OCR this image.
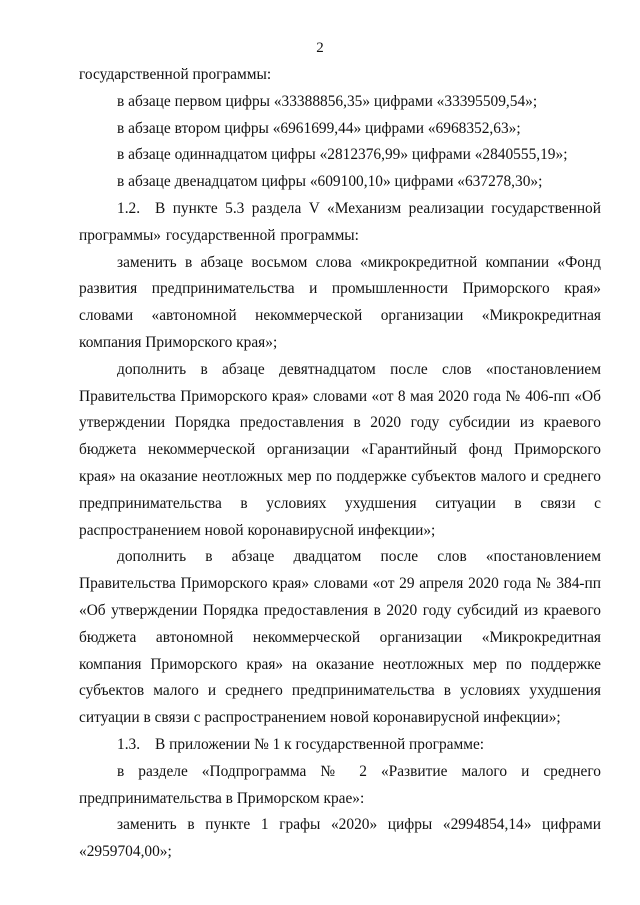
2

государственной программы:

в абзаце первом цифры «33388856,35» цифрами «33395509,54»;

в абзаце втором цифры «6961699,44» цифрами «6968352,63»;

в абзаце одиннадцатом цифры «2812376,99» цифрами «2840555,19»;

в абзаце двенадцатом цифры «609100,10» цифрами «637278,30»;

1.2. В пункте 5.3 раздела V «Механизм реализации государственной программы» государственной программы:

заменить в абзаце восьмом слова «микрокредитной компании «Фонд развития предпринимательства и промышленности Приморского края» словами «автономной некоммерческой организации «Микрокредитная компания Приморского края»;

дополнить в абзаце девятнадцатом после слов «постановлением Правительства Приморского края» словами «от 8 мая 2020 года № 406-пп «Об утверждении Порядка предоставления в 2020 году субсидии из краевого бюджета некоммерческой организации «Гарантийный фонд Приморского края» на оказание неотложных мер по поддержке субъектов малого и среднего предпринимательства в условиях ухудшения ситуации в связи с распространением новой коронавирусной инфекции»;

дополнить в абзаце двадцатом после слов «постановлением Правительства Приморского края» словами «от 29 апреля 2020 года № 384-пп «Об утверждении Порядка предоставления в 2020 году субсидий из краевого бюджета автономной некоммерческой организации «Микрокредитная компания Приморского края» на оказание неотложных мер по поддержке субъектов малого и среднего предпринимательства в условиях ухудшения ситуации в связи с распространением новой коронавирусной инфекции»;

1.3. В приложении № 1 к государственной программе:

в разделе «Подпрограмма № 2 «Развитие малого и среднего предпринимательства в Приморском крае»:

заменить в пункте 1 графы «2020» цифры «2994854,14» цифрами «2959704,00»;
